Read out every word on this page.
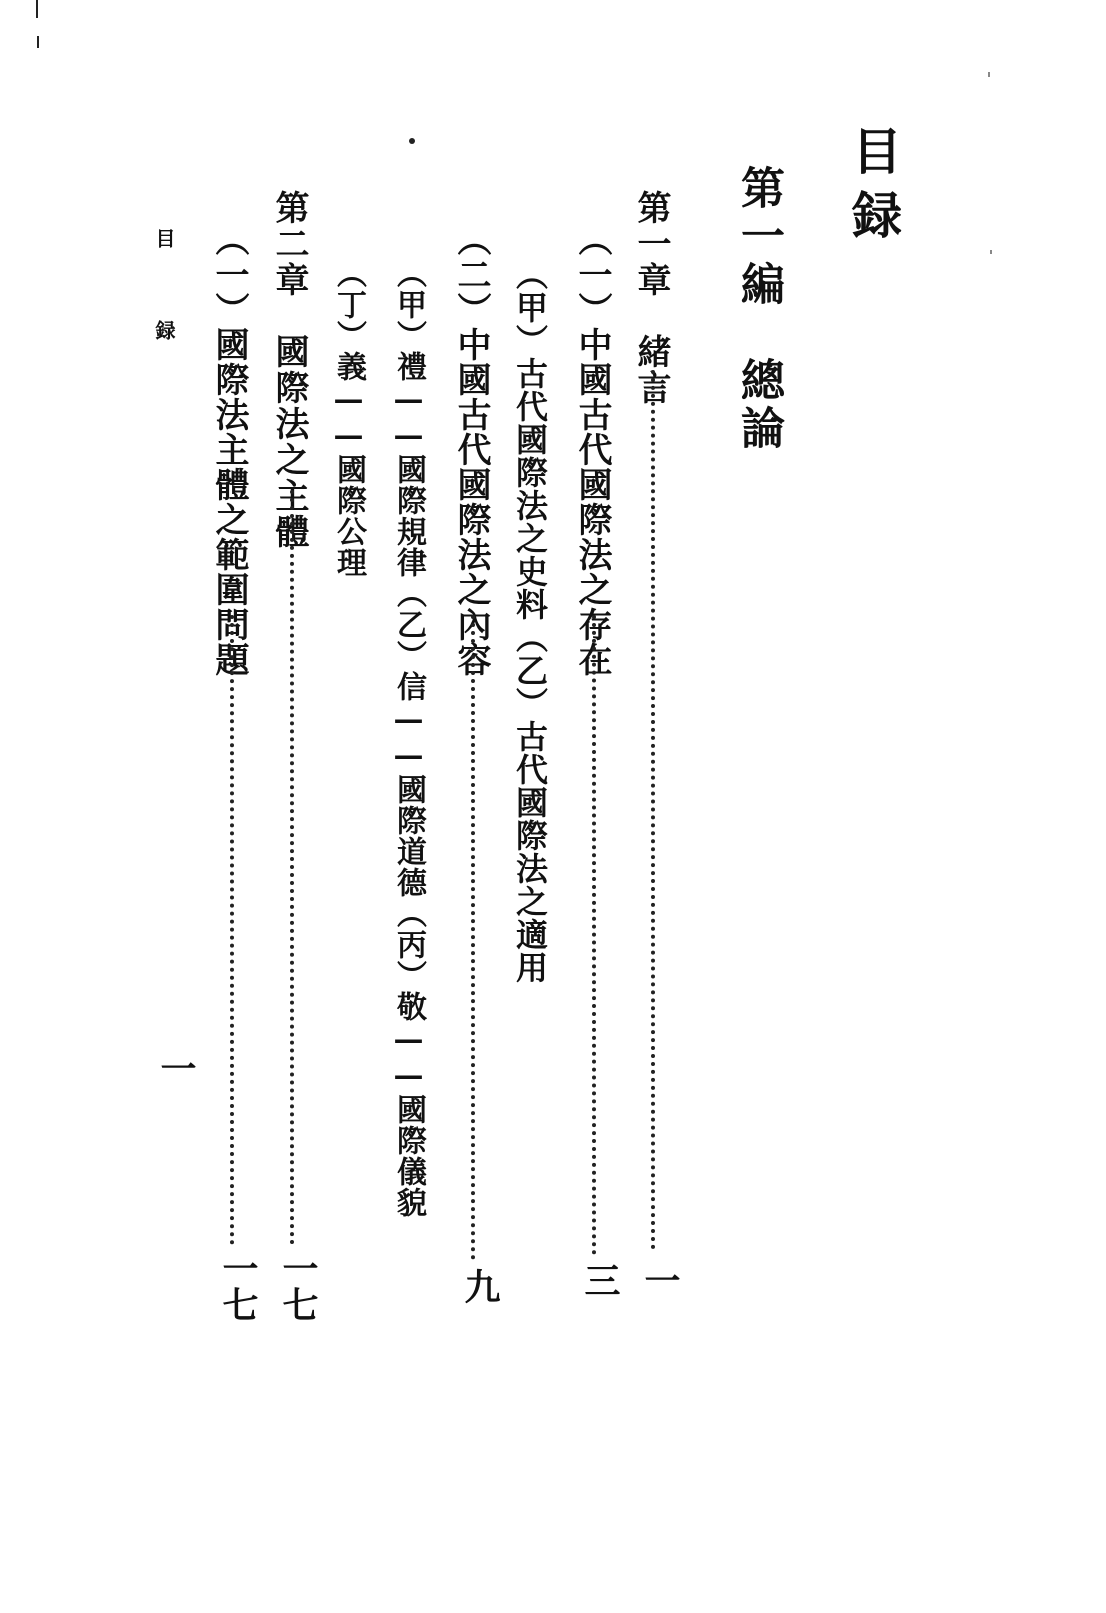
目録
第一編　總論
第一章　緒言
一
（一）中國古代國際法之存在
三
（甲）古代國際法之史料（乙）古代國際法之適用
（二）中國古代國際法之內容
九
（甲）禮——國際規律（乙）信——國際道德（丙）敬——國際儀貌
（丁）義——國際公理
第二章　國際法之主體
一七
（一）國際法主體之範圍問題
一七
目　録
一
